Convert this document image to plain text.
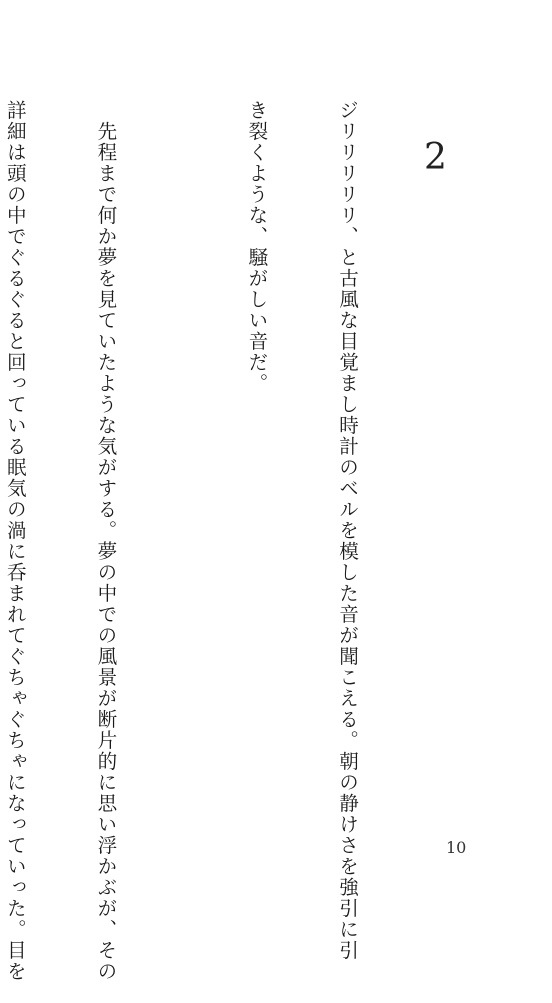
2

ジリリリリリ、と古風な目覚まし時計のベルを模した音が聞こえる。朝の静けさを強引に引

き裂くような、騒がしい音だ。

　先程まで何か夢を見ていたような気がする。夢の中での風景が断片的に思い浮かぶが、その

詳細は頭の中でぐるぐると回っている眠気の渦に呑まれてぐちゃぐちゃになっていった。目を

	10
